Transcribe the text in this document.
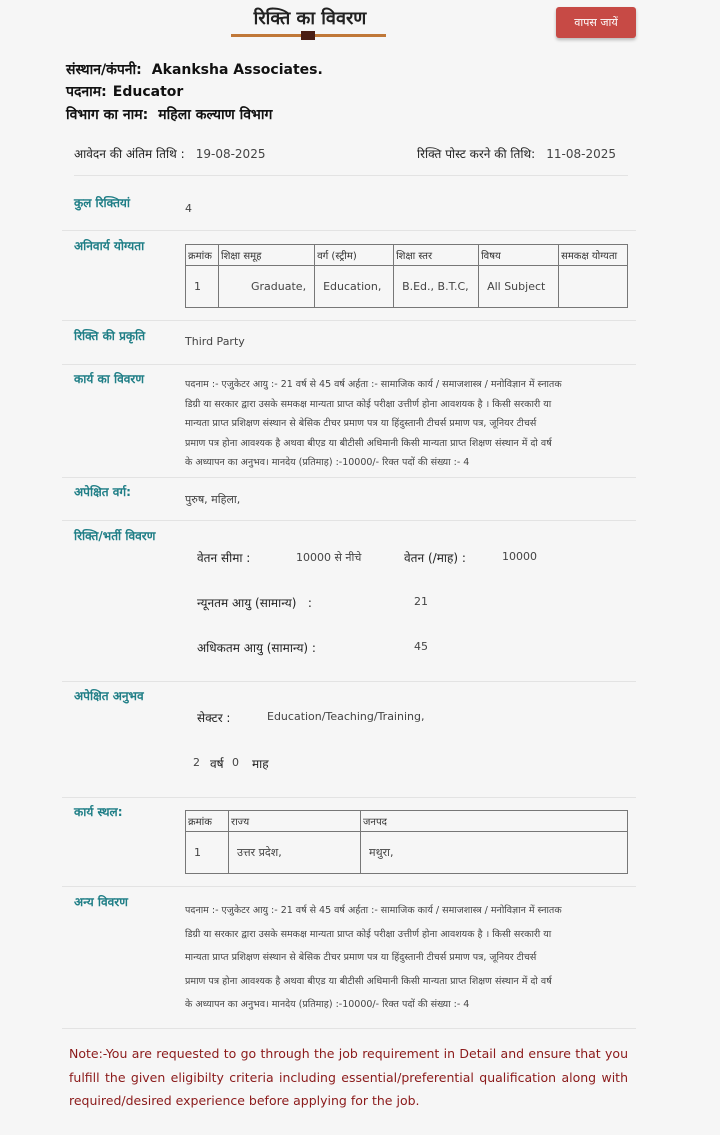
रिक्ति का विवरण	वापस जायें
संस्थान/कंपनी: Akanksha Associates.
पदनाम: Educator
विभाग का नाम: महिला कल्याण विभाग
आवेदन की अंतिम तिथि : 19-08-2025	रिक्ति पोस्ट करने की तिथि: 11-08-2025
कुल रिक्तियां	4
अनिवार्य योग्यता
क्रमांक	शिक्षा समूह	वर्ग (स्ट्रीम)	शिक्षा स्तर	विषय	समकक्ष योग्यता
1	Graduate,	Education,	B.Ed., B.T.C,	All Subject	
रिक्ति की प्रकृति	Third Party
कार्य का विवरण	पदनाम :- एजुकेटर आयु :- 21 वर्ष से 45 वर्ष अर्हता :- सामाजिक कार्य / समाजशास्त्र / मनोविज्ञान में स्नातक
डिग्री या सरकार द्वारा उसके समकक्ष मान्यता प्राप्त कोई परीक्षा उत्तीर्ण होना आवशयक है । किसी सरकारी या
मान्यता प्राप्त प्रशिक्षण संस्थान से बेसिक टीचर प्रमाण पत्र या हिंदुस्तानी टीचर्स प्रमाण पत्र, जूनियर टीचर्स
प्रमाण पत्र होना आवश्यक है अथवा बीएड या बीटीसी अधिमानी किसी मान्यता प्राप्त शिक्षण संस्थान में दो वर्ष
के अध्यापन का अनुभव। मानदेय (प्रतिमाह) :-10000/- रिक्त पदों की संख्या :- 4
अपेक्षित वर्ग:
पुरुष, महिला,
रिक्ति/भर्ती विवरण
वेतन सीमा :	10000 से नीचे	वेतन (/माह) :	10000
न्यूनतम आयु (सामान्य)   :	21
अधिकतम आयु (सामान्य) :	45
अपेक्षित अनुभव
सेक्टर :	Education/Teaching/Training,
2 वर्ष 0 माह
कार्य स्थल:
क्रमांक	राज्य	जनपद
1	उत्तर प्रदेश,	मथुरा,
अन्य विवरण
पदनाम :- एजुकेटर आयु :- 21 वर्ष से 45 वर्ष अर्हता :- सामाजिक कार्य / समाजशास्त्र / मनोविज्ञान में स्नातक
डिग्री या सरकार द्वारा उसके समकक्ष मान्यता प्राप्त कोई परीक्षा उत्तीर्ण होना आवशयक है । किसी सरकारी या
मान्यता प्राप्त प्रशिक्षण संस्थान से बेसिक टीचर प्रमाण पत्र या हिंदुस्तानी टीचर्स प्रमाण पत्र, जूनियर टीचर्स
प्रमाण पत्र होना आवश्यक है अथवा बीएड या बीटीसी अधिमानी किसी मान्यता प्राप्त शिक्षण संस्थान में दो वर्ष
के अध्यापन का अनुभव। मानदेय (प्रतिमाह) :-10000/- रिक्त पदों की संख्या :- 4
Note:-You are requested to go through the job requirement in Detail and ensure that you fulfill the given eligibilty criteria including essential/preferential qualification along with required/desired experience before applying for the job.
